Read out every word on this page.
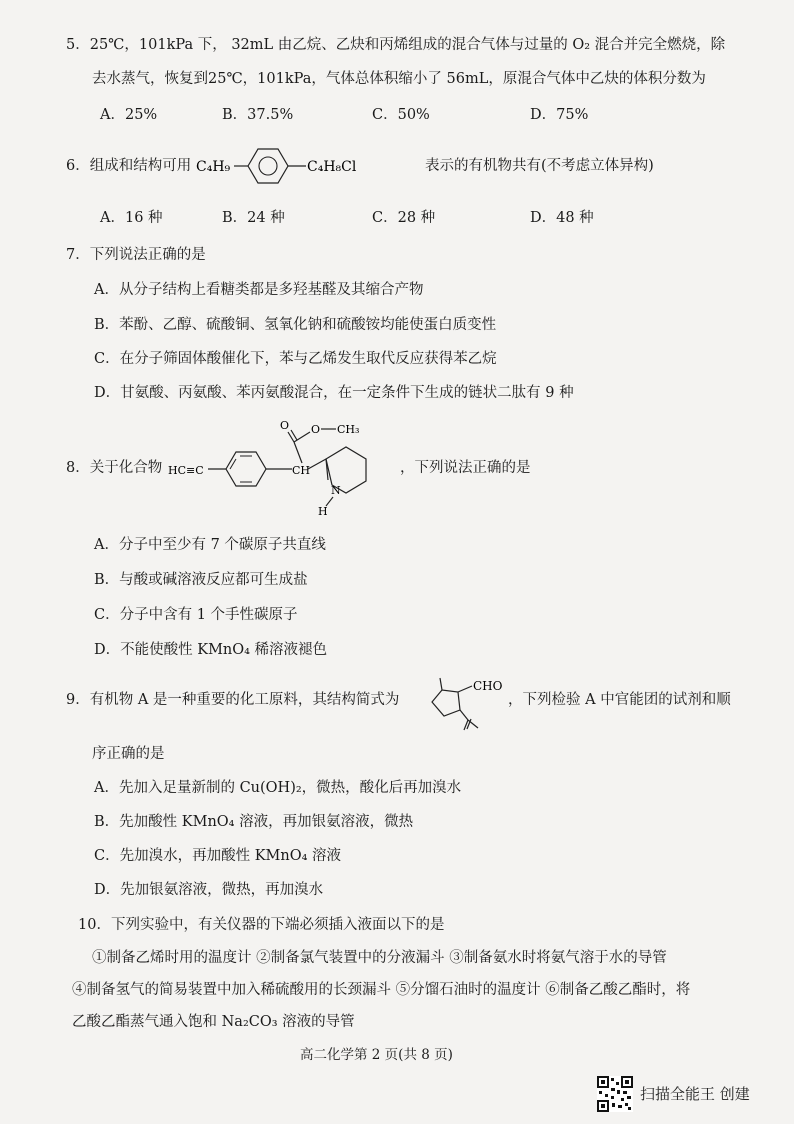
5．25℃，101kPa 下， 32mL 由乙烷、乙炔和丙烯组成的混合气体与过量的 O₂ 混合并完全燃烧，除
去水蒸气，恢复到25℃，101kPa，气体总体积缩小了 56mL，原混合气体中乙炔的体积分数为
A．25%	B．37.5%	C．50%	D．75%
6．组成和结构可用 C₄H₉	C₄H₈Cl	表示的有机物共有(不考虑立体异构)
A．16 种	B．24 种	C．28 种	D．48 种
7．下列说法正确的是
A．从分子结构上看糖类都是多羟基醛及其缩合产物
B．苯酚、乙醇、硫酸铜、氢氧化钠和硫酸铵均能使蛋白质变性
C．在分子筛固体酸催化下，苯与乙烯发生取代反应获得苯乙烷
D．甘氨酸、丙氨酸、苯丙氨酸混合，在一定条件下生成的链状二肽有 9 种
8．关于化合物 HC≡C	CH
O O CH₃
N
H
，下列说法正确的是
A．分子中至少有 7 个碳原子共直线
B．与酸或碱溶液反应都可生成盐
C．分子中含有 1 个手性碳原子
D．不能使酸性 KMnO₄ 稀溶液褪色
9．有机物 A 是一种重要的化工原料，其结构简式为
CHO
，下列检验 A 中官能团的试剂和顺
序正确的是
A．先加入足量新制的 Cu(OH)₂，微热，酸化后再加溴水
B．先加酸性 KMnO₄ 溶液，再加银氨溶液，微热
C．先加溴水，再加酸性 KMnO₄ 溶液
D．先加银氨溶液，微热，再加溴水
10．下列实验中，有关仪器的下端必须插入液面以下的是
①制备乙烯时用的温度计 ②制备氯气装置中的分液漏斗 ③制备氨水时将氨气溶于水的导管
④制备氢气的简易装置中加入稀硫酸用的长颈漏斗 ⑤分馏石油时的温度计 ⑥制备乙酸乙酯时，将
乙酸乙酯蒸气通入饱和 Na₂CO₃ 溶液的导管
高二化学第 2 页(共 8 页)
扫描全能王 创建
